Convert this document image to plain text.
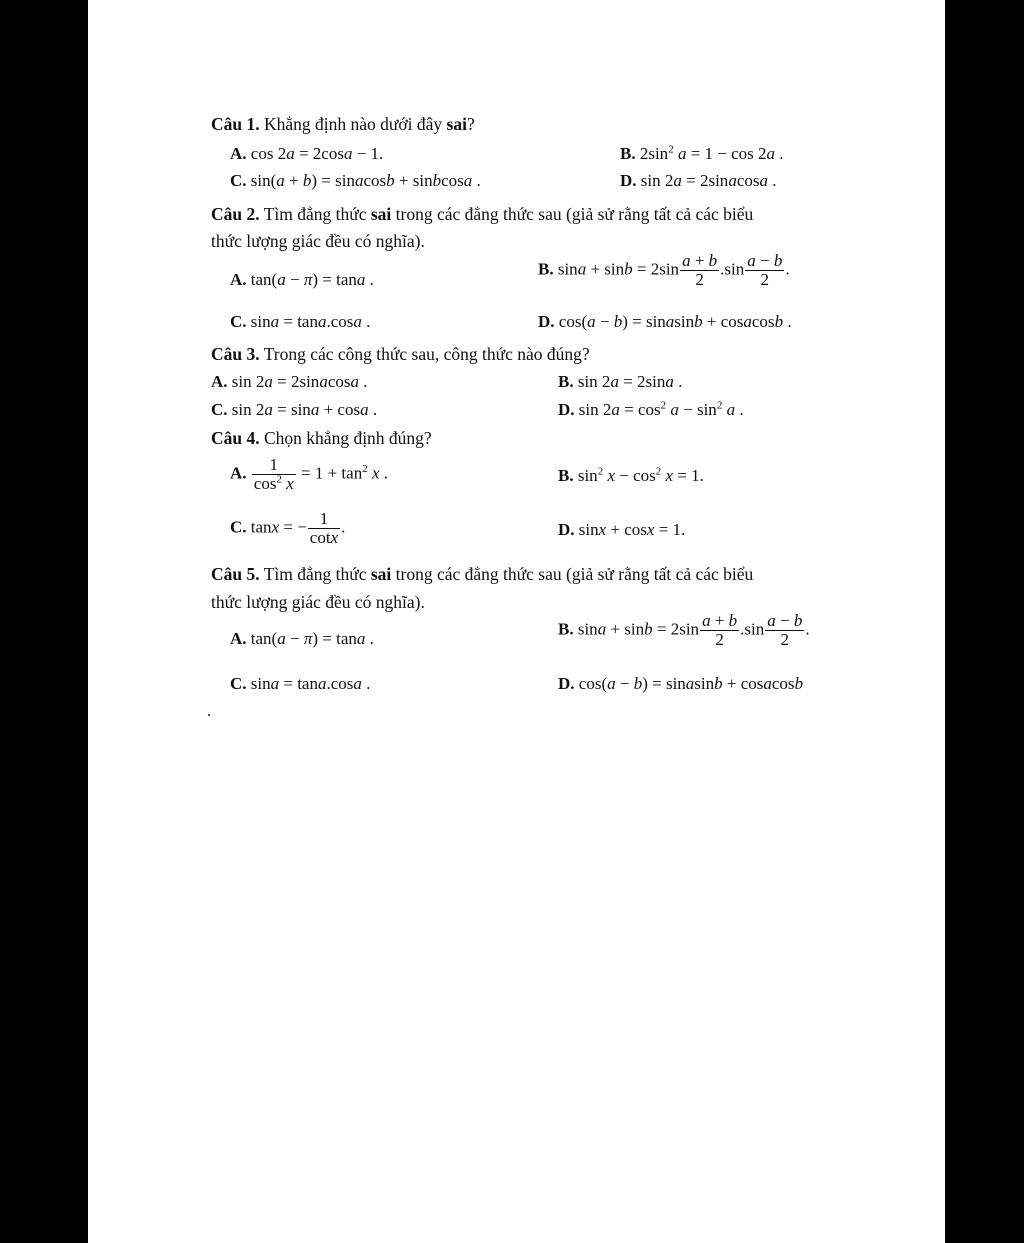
Câu 1. Khẳng định nào dưới đây sai?
A. cos 2a = 2cosa − 1.	B. $2\sin^2$ a = 1 − cos 2a .
C. sin(a + b) = sinacosb + sinbcosa .	D. sin 2a = 2sinacosa .
Câu 2. Tìm đẳng thức sai trong các đẳng thức sau (giả sử rằng tất cả các biểu
thức lượng giác đều có nghĩa).
A. tan(a − π) = tana .
B. $\sin a + \sin b = 2\sin \frac{a + b}{2} .\sin \frac{a - b}{2}$ .
C. sina = tana.cosa .	D. cos(a − b) = sinasinb + cosacosb .
Câu 3. Trong các công thức sau, công thức nào đúng?
A. sin 2a = 2sinacosa .	B. sin 2a = 2sina .
C. sin 2a = sina + cosa .	D. $\sin 2a = \cos^2 a - \sin^2 a$ .
Câu 4. Chọn khẳng định đúng?
A. $\frac{1}{\cos^2 x} = 1 + \tan^2 x$ .	B. $\sin^2 x - \cos^2 x = 1$.
C. tanx = − $\frac{1}{\cot x}$ .	D. sinx + cosx = 1.
Câu 5. Tìm đẳng thức sai trong các đẳng thức sau (giả sử rằng tất cả các biểu
thức lượng giác đều có nghĩa).
A. tan(a − π) = tana .
B. $\sin a + \sin b = 2\sin \frac{a + b}{2} .\sin \frac{a - b}{2}$ .
C. sina = tana.cosa .	D. cos(a − b) = sinasinb + cosacosb
